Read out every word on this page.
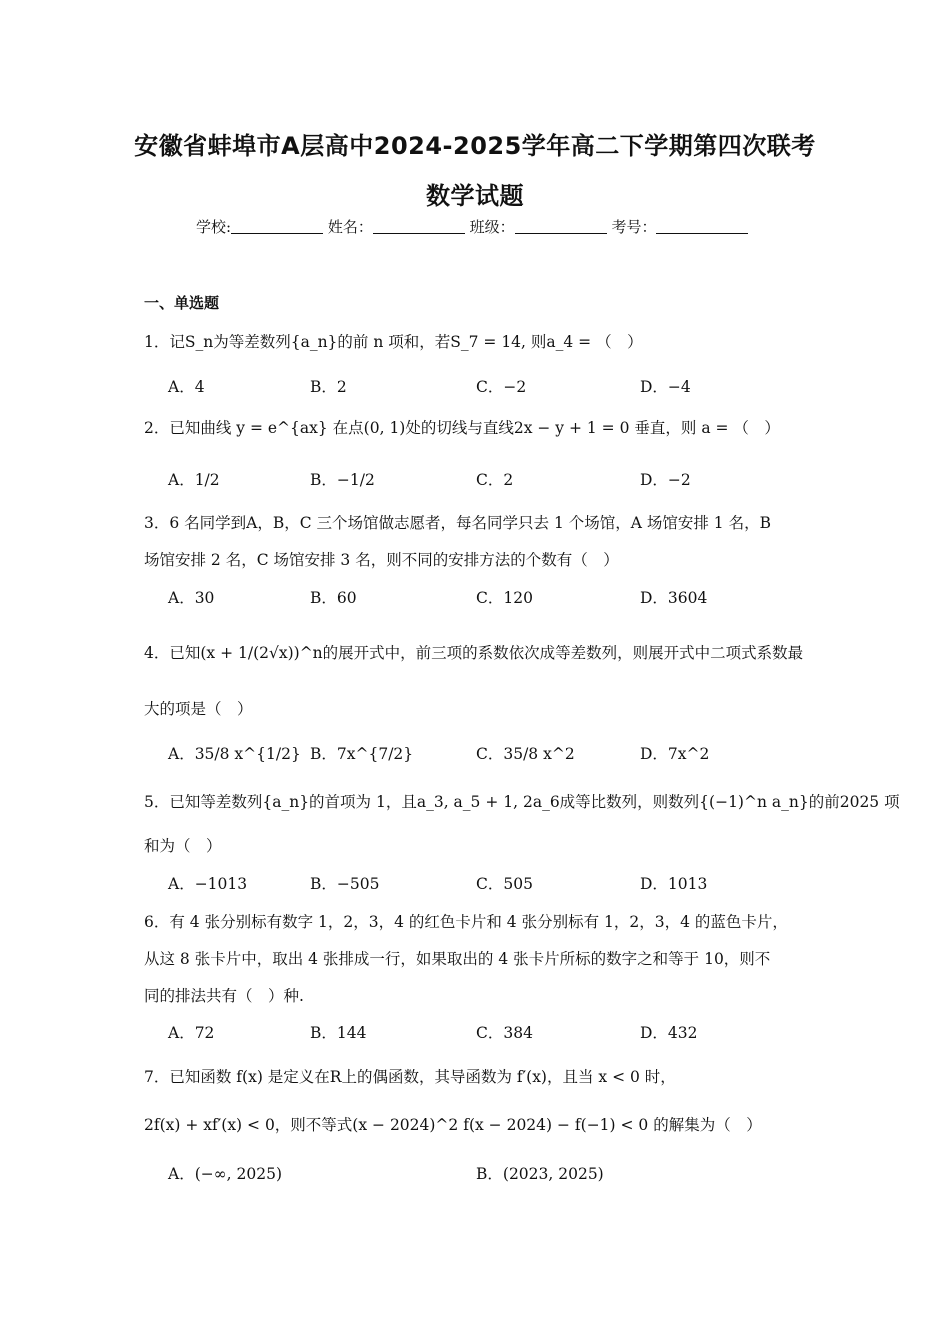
安徽省蚌埠市A层高中2024-2025学年高二下学期第四次联考
数学试题
学校:	姓名：	班级：	考号：
一、单选题
1．记S_n为等差数列{a_n}的前 n 项和，若S_7 = 14, 则a_4 = （　）
A．4	B．2	C．−2	D．−4
2．已知曲线 y = e^{ax} 在点(0, 1)处的切线与直线2x − y + 1 = 0 垂直，则 a = （　）
A．1/2	B．−1/2	C．2	D．−2
3．6 名同学到A，B，C 三个场馆做志愿者，每名同学只去 1 个场馆，A 场馆安排 1 名，B
场馆安排 2 名，C 场馆安排 3 名，则不同的安排方法的个数有（　）
A．30	B．60	C．120	D．3604
4．已知(x + 1/(2√x))^n的展开式中，前三项的系数依次成等差数列，则展开式中二项式系数最
大的项是（　）
A．35/8 x^{1/2} B．7x^{7/2}	C．35/8 x^2	D．7x^2
5．已知等差数列{a_n}的首项为 1，且a_3, a_5 + 1, 2a_6成等比数列，则数列{(−1)^n a_n}的前2025 项
和为（　）
A．−1013	B．−505	C．505	D．1013
6．有 4 张分别标有数字 1，2，3，4 的红色卡片和 4 张分别标有 1，2，3，4 的蓝色卡片，
从这 8 张卡片中，取出 4 张排成一行，如果取出的 4 张卡片所标的数字之和等于 10，则不
同的排法共有（　）种.
A．72	B．144	C．384	D．432
7．已知函数 f(x) 是定义在R上的偶函数，其导函数为 f′(x)，且当 x < 0 时，
2f(x) + xf′(x) < 0，则不等式(x − 2024)^2 f(x − 2024) − f(−1) < 0 的解集为（　）
A．(−∞, 2025)	B．(2023, 2025)
